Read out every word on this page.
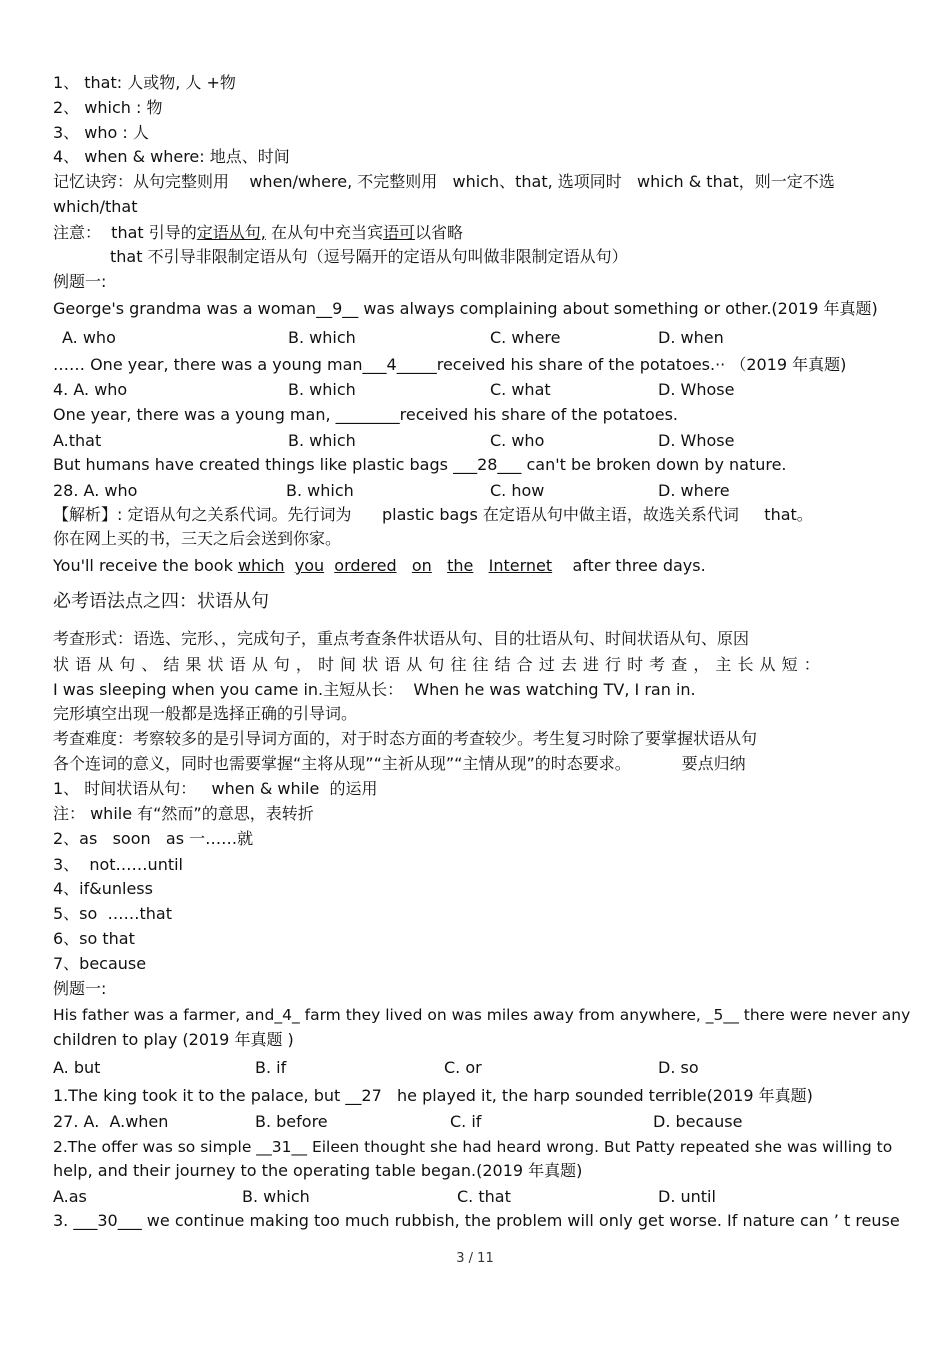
1、 that: 人或物, 人 +物
2、 which : 物
3、 who : 人
4、 when & where: 地点、时间
记忆诀窍：从句完整则用    when/where, 不完整则用   which、that, 选项同时   which & that，则一定不选
which/that
注意：  that 引导的定语从句, 在从句中充当宾语可以省略
that 不引导非限制定语从句（逗号隔开的定语从句叫做非限制定语从句）
例题一:
George's grandma was a woman__9__ was always complaining about something or other.(2019 年真题)
A. who	B. which	C. where	D. when
…… One year, there was a young man___4_____received his share of the potatoes.·· （2019 年真题)
4. A. who	B. which	C. what	D. Whose
One year, there was a young man, ________received his share of the potatoes.
A.that	B. which	C. who	D. Whose
But humans have created things like plastic bags ___28___ can't be broken down by nature.
28. A. who	B. which	C. how	D. where
【解析】: 定语从句之关系代词。先行词为      plastic bags 在定语从句中做主语，故选关系代词     that。
你在网上买的书，三天之后会送到你家。
You'll receive the book which you ordered on the Internet after three days.
必考语法点之四：状语从句
考查形式：语选、完形、，完成句子，重点考查条件状语从句、目的壮语从句、时间状语从句、原因
状语从句、结果状语从句，时间状语从句往往结合过去进行时考查，主长从短：
I was sleeping when you came in.主短从长：  When he was watching TV, I ran in.
完形填空出现一般都是选择正确的引导词。
考查难度：考察较多的是引导词方面的，对于时态方面的考查较少。考生复习时除了要掌握状语从句
各个连词的意义，同时也需要掌握“主将从现”“主祈从现”“主情从现”的时态要求。          要点归纳
1、 时间状语从句：   when & while  的运用
注： while 有“然而”的意思，表转折
2、as   soon   as 一……就
3、  not……until
4、if&unless
5、so  ……that
6、so that
7、because
例题一:
His father was a farmer, and_4_ farm they lived on was miles away from anywhere, _5__ there were never any
children to play (2019 年真题 )
A. but	B. if	C. or	D. so
1.The king took it to the palace, but __27   he played it, the harp sounded terrible(2019 年真题)
27. A.  A.when	B. before	C. if	D. because
2.The offer was so simple __31__ Eileen thought she had heard wrong. But Patty repeated she was willing to
help, and their journey to the operating table began.(2019 年真题)
A.as	B. which	C. that	D. until
3. ___30___ we continue making too much rubbish, the problem will only get worse. If nature can ’ t reuse
3 / 11
